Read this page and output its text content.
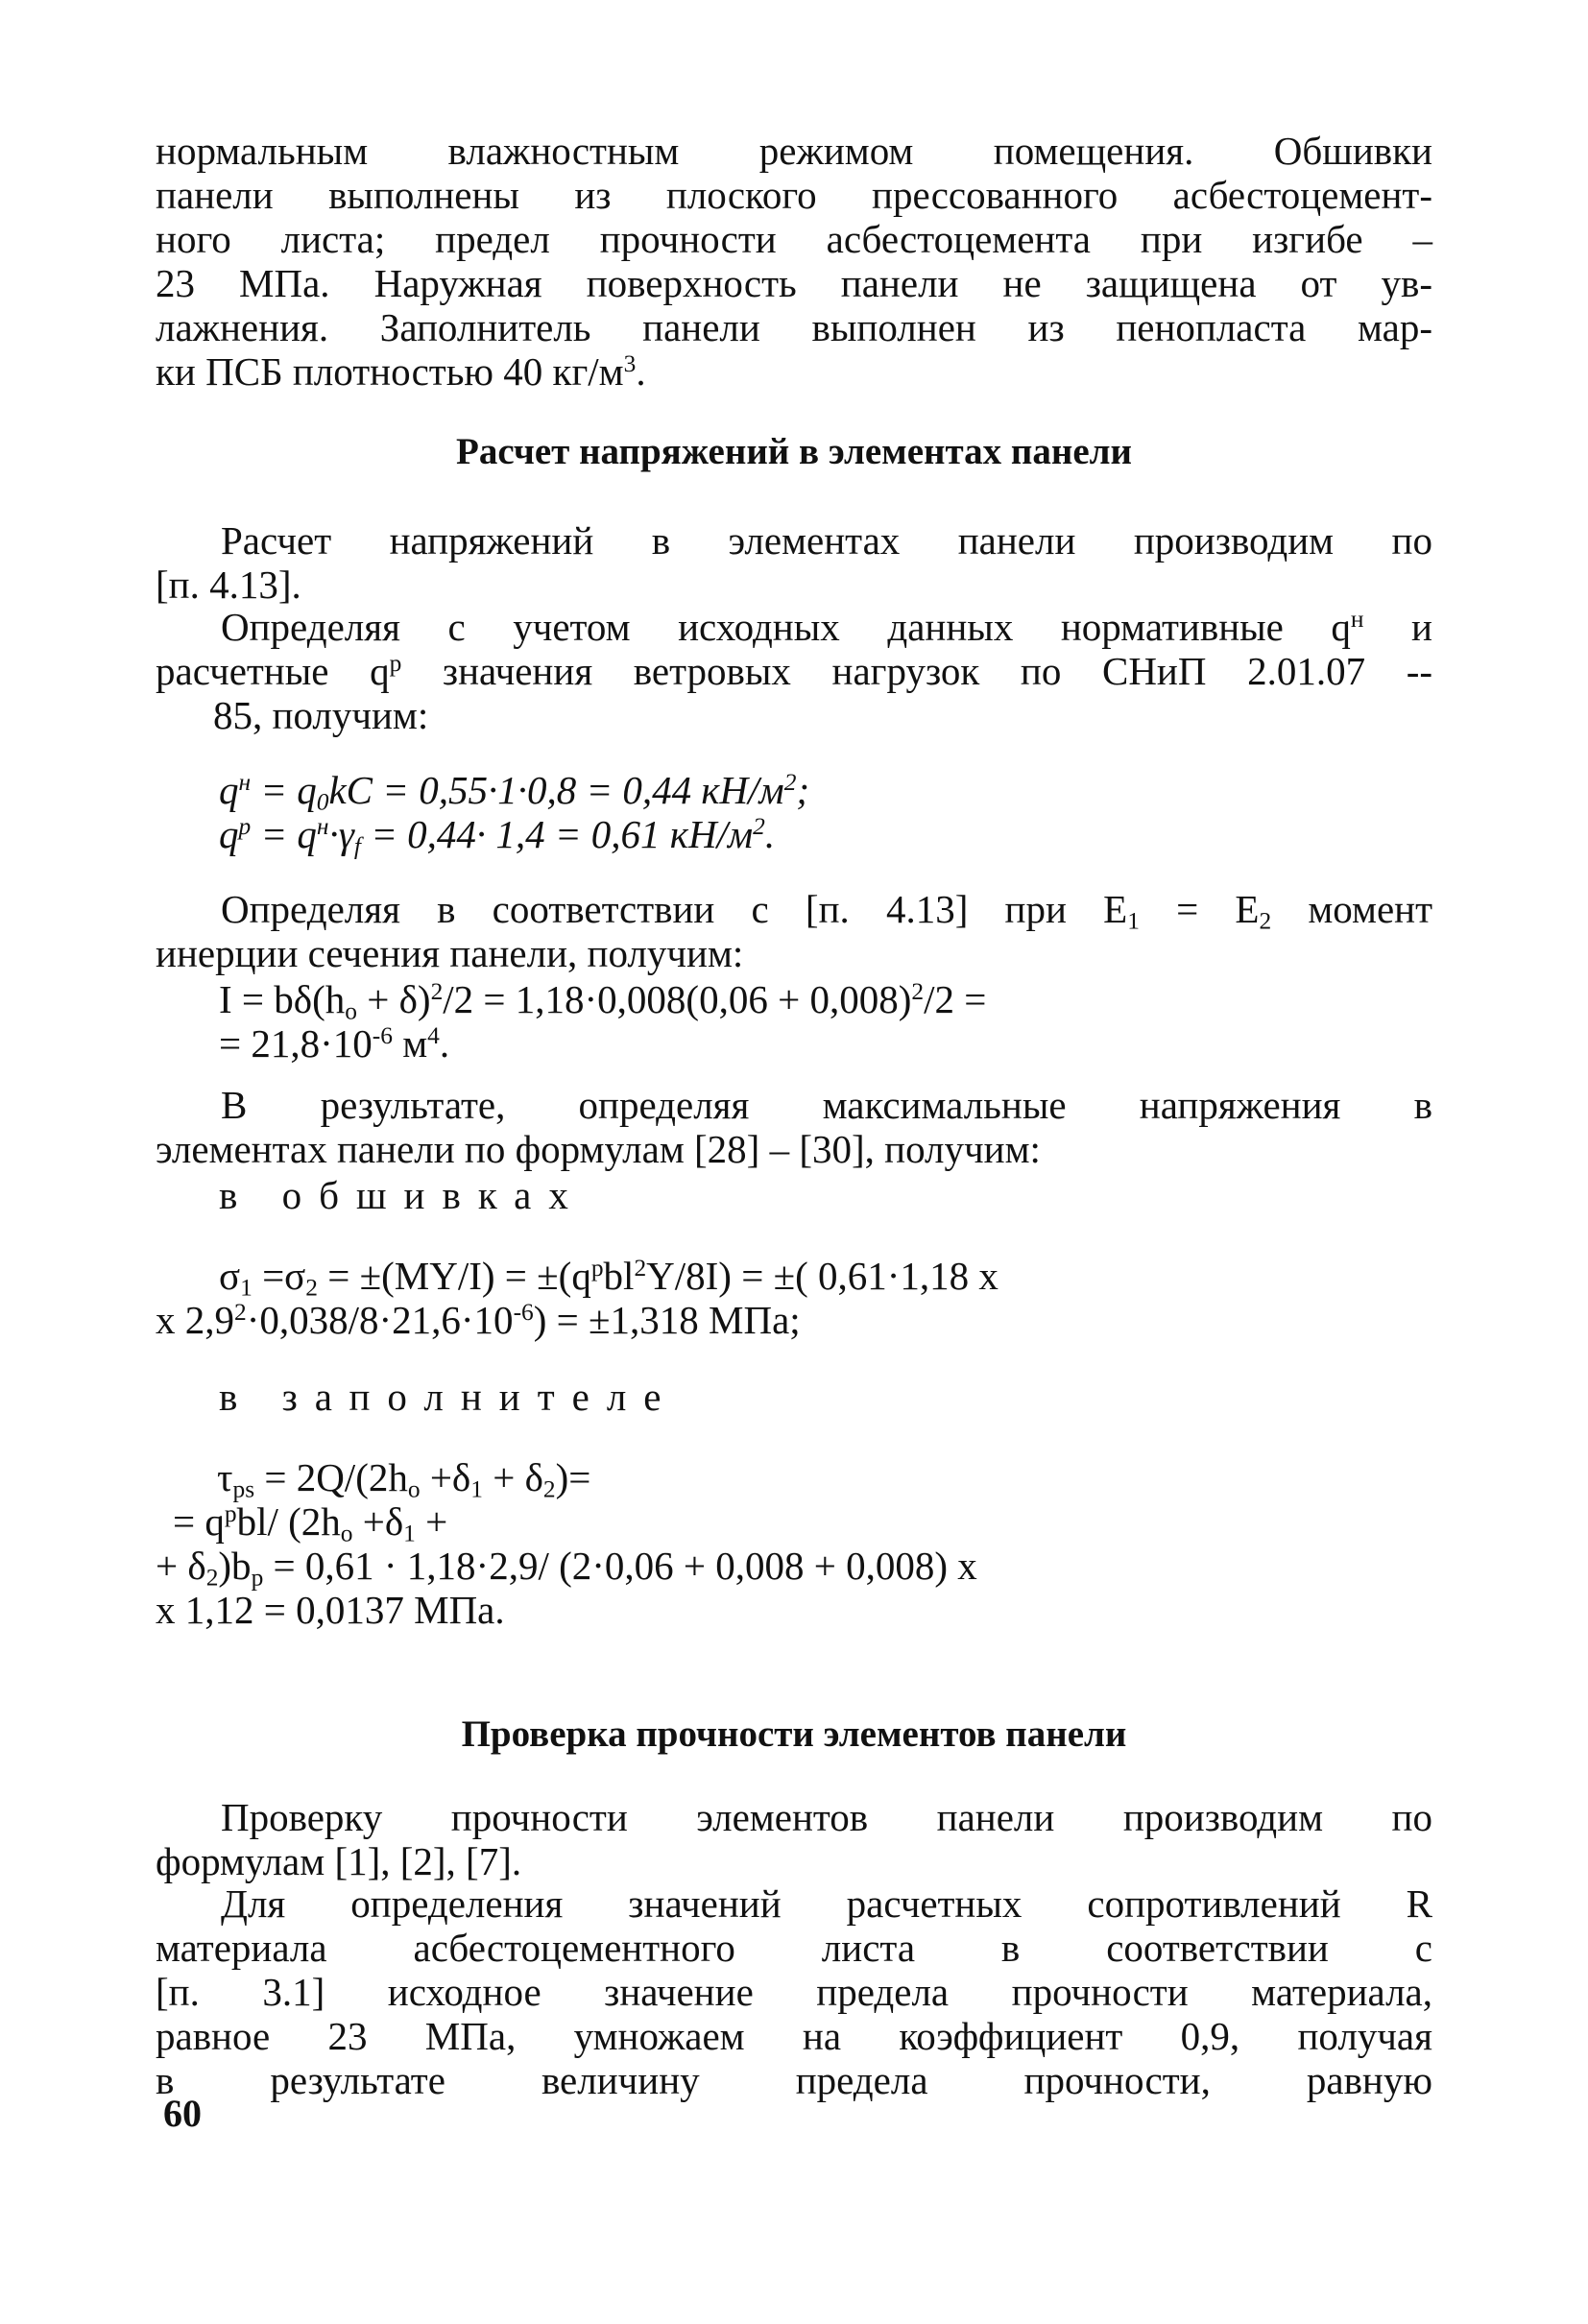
нормальным влажностным режимом помещения. Обшивки
панели выполнены из плоского прессованного асбестоцемент-
ного листа; предел прочности асбестоцемента при изгибе –
23 МПа. Наружная поверхность панели не защищена от ув-
лажнения. Заполнитель панели выполнен из пенопласта мар-
ки ПСБ плотностью 40 $кг/м^3$.
Расчет напряжений в элементах панели
Расчет напряжений в элементах панели производим по
[п. 4.13].
Определяя с учетом исходных данных нормативные $q^н$ и
расчетные $q^р$ значения ветровых нагрузок по СНиП 2.01.07 --
85, получим:
$q^н = q_0kC = 0,55\cdot 1\cdot 0,8 = 0,44$ $кН/м^2$;
$q^р = q^н\cdot\gamma_f = 0,44\cdot 1,4 = 0,61$ $кН/м^2$.
Определяя в соответствии с [п. 4.13] при $E_1 = E_2$ момент
инерции сечения панели, получим:
$I = b\delta(h_o + \delta)^2/2 = 1,18\cdot 0,008(0,06 + 0,008)^2/2$ =
= $21,8\cdot 10^{-6}$ $м^4$.
В результате, определяя максимальные напряжения в
элементах панели по формулам [28] – [30], получим:
в обшивках
$\sigma_1 =\sigma_2 = \pm(MY/I) = \pm(q^рbl^2Y/8I)$ = ±( 0,61·1,18 x
x $2,9^2\cdot 0,038/8\cdot 21,6\cdot 10^{-6}) = \pm 1,318$ МПа;
в заполнителе
$\tau_{ps} = 2Q/(2h_o +\delta_1 + \delta_2)=$
= $q^рbl/$ ($2h_o +\delta_1$ +
+ $\delta_2)b_p = 0,61 \cdot 1,18\cdot 2,9/$ (2·0,06 + 0,008 + 0,008) x
x 1,12 = 0,0137 МПа.
Проверка прочности элементов панели
Проверку прочности элементов панели производим по
формулам [1], [2], [7].
Для определения значений расчетных сопротивлений R
материала асбестоцементного листа в соответствии с
[п. 3.1] исходное значение предела прочности материала,
равное 23 МПа, умножаем на коэффициент 0,9, получая
в результате величину предела прочности, равную
60
